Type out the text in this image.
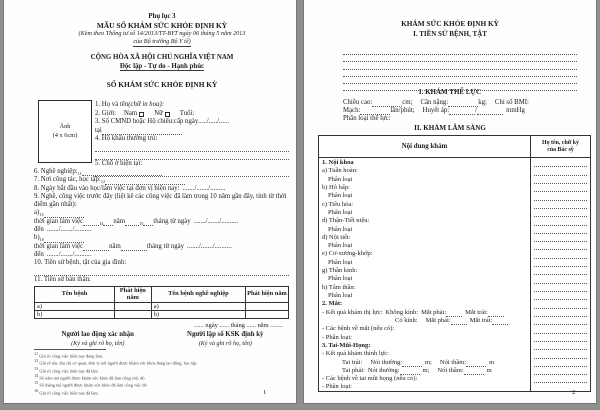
Phụ lục 3
MẪU SỔ KHÁM SỨC KHỎE ĐỊNH KỲ
(Kèm theo Thông tư số 14/2013/TT-BYT ngày 06 tháng 5 năm 2013
của Bộ trưởng Bộ Y tế)
CỘNG HÒA XÃ HỘI CHỦ NGHĨA VIỆT NAM
Độc lập - Tự do - Hạnh phúc
SỔ KHÁM SỨC KHỎE ĐỊNH KỲ
Ảnh
(4 x 6cm)
1. Họ và tên (chữ in hoa):
2. Giới: Nam	Nữ	Tuổi:
3. Số CMND hoặc Hộ chiếu: cấp ngày ...../...../......
tại
4. Hộ khẩu thường trú:
5. Chỗ ở hiện tại:
6. Nghề $nghiệp:_{11}$
7. Nơi công tác, học $tập:_{12}$
8. Ngày bắt đầu vào học/làm việc tại đơn vị hiện nay: ......./......./.........
9. Nghề, công việc trước đây (liệt kê các công việc đã làm trong 10 năm gần đây, tính từ thời điểm gần nhất):
$a)_{13}$
thời gian làm việc	14 năm	15 tháng từ ngày ......./......./..........
đến ......./......./..........
$b)_{16}$
thời gian làm việc	năm	tháng từ ngày ......./......./..........
đến ......./......./..........
10. Tiền sử bệnh, tật của gia đình:
11. Tiền sử bản thân:
Tên bệnh	Phát hiện năm	Tên bệnh nghề nghiệp	Phát hiện năm
a)		a)	
b)		b)	
...... ngày ...... tháng ...... năm ........
Người lao động xác nhận
(Ký và ghi rõ họ, tên)
Người lập sổ KSK định kỳ
(Ký và ghi rõ họ, tên)
$^{11}$ Ghi rõ công việc hiện nay đang làm.
$^{12}$ Ghi rõ tên, địa chỉ cơ quan, đơn vị nơi người được khám sức khỏe đang lao động, học tập
$^{13}$ Ghi rõ công việc hiện nay đã làm
$^{14}$ Số năm mà người được khám sức khỏe đã làm công việc đó
$^{15}$ Số tháng mà người được khám sức khỏe đã làm công việc đó
$^{16}$ Ghi rõ công việc hiện nay đã làm	1
KHÁM SỨC KHỎE ĐỊNH KỲ
I. TIỀN SỬ BỆNH, TẬT
I. KHÁM THỂ LỰC
Chiều cao:	cm; Cân nặng:	kg; Chỉ số BMI:
Mạch:	lần/phút; Huyết áp:	/	mmHg
Phân loại thể lực:
II. KHÁM LÂM SÀNG
Nội dung khám
Họ tên, chữ ký
của Bác sỹ
1. Nội khoa
a) Tuần hoàn:
Phân loại
b) Hô hấp:
Phân loại
c) Tiêu hóa:
Phân loại
d) Thận-Tiết niệu:
Phân loại
đ) Nội tiết:
Phân loại
e) Cơ-xương-khớp:
Phân loại
g) Thần kinh:
Phân loại
h) Tâm thần:
Phân loại
2. Mắt:
- Kết quả khám thị lực: Không kính: Mắt phải:	Mắt trái:
Có kính: Mắt phải:	Mắt trái:
- Các bệnh về mắt (nếu có):
- Phân loại:
3. Tai-Mũi-Họng:
- Kết quả khám thính lực:
Tai trái: Nói thường:	m; Nói thầm:	m
Tai phải: Nói thường:	m; Nói thầm:	m
- Các bệnh về tai mũi họng (nếu có):
- Phân loại:
2
